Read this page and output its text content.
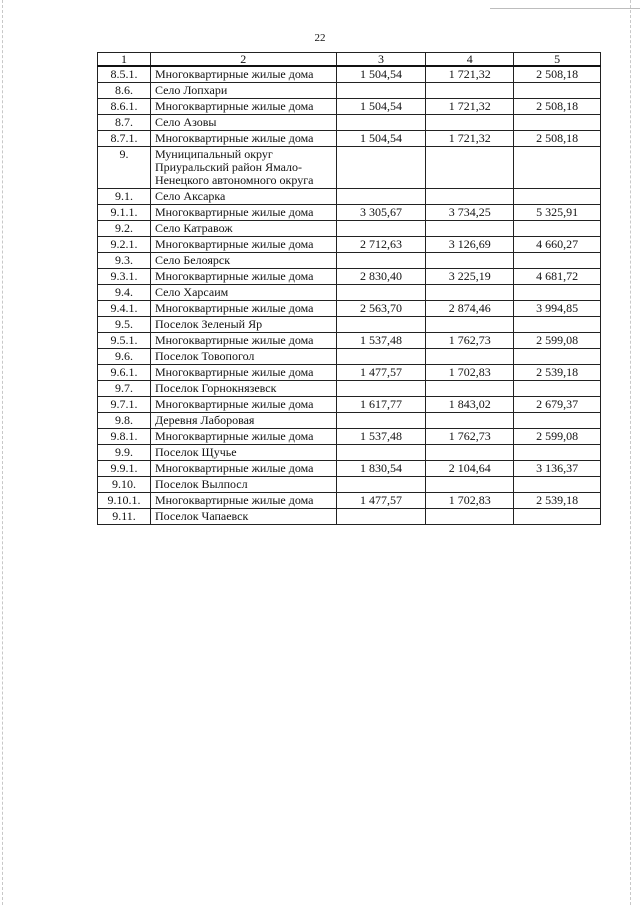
22
1	2	3	4	5
8.5.1.	Многоквартирные жилые дома	1 504,54	1 721,32	2 508,18
8.6.	Село Лопхари			
8.6.1.	Многоквартирные жилые дома	1 504,54	1 721,32	2 508,18
8.7.	Село Азовы			
8.7.1.	Многоквартирные жилые дома	1 504,54	1 721,32	2 508,18
9.	Муниципальный округ Приуральский район Ямало-Ненецкого автономного округа			
9.1.	Село Аксарка			
9.1.1.	Многоквартирные жилые дома	3 305,67	3 734,25	5 325,91
9.2.	Село Катравож			
9.2.1.	Многоквартирные жилые дома	2 712,63	3 126,69	4 660,27
9.3.	Село Белоярск			
9.3.1.	Многоквартирные жилые дома	2 830,40	3 225,19	4 681,72
9.4.	Село Харсаим			
9.4.1.	Многоквартирные жилые дома	2 563,70	2 874,46	3 994,85
9.5.	Поселок Зеленый Яр			
9.5.1.	Многоквартирные жилые дома	1 537,48	1 762,73	2 599,08
9.6.	Поселок Товопогол			
9.6.1.	Многоквартирные жилые дома	1 477,57	1 702,83	2 539,18
9.7.	Поселок Горнокнязевск			
9.7.1.	Многоквартирные жилые дома	1 617,77	1 843,02	2 679,37
9.8.	Деревня Лаборовая			
9.8.1.	Многоквартирные жилые дома	1 537,48	1 762,73	2 599,08
9.9.	Поселок Щучье			
9.9.1.	Многоквартирные жилые дома	1 830,54	2 104,64	3 136,37
9.10.	Поселок Вылпосл			
9.10.1.	Многоквартирные жилые дома	1 477,57	1 702,83	2 539,18
9.11.	Поселок Чапаевск			
